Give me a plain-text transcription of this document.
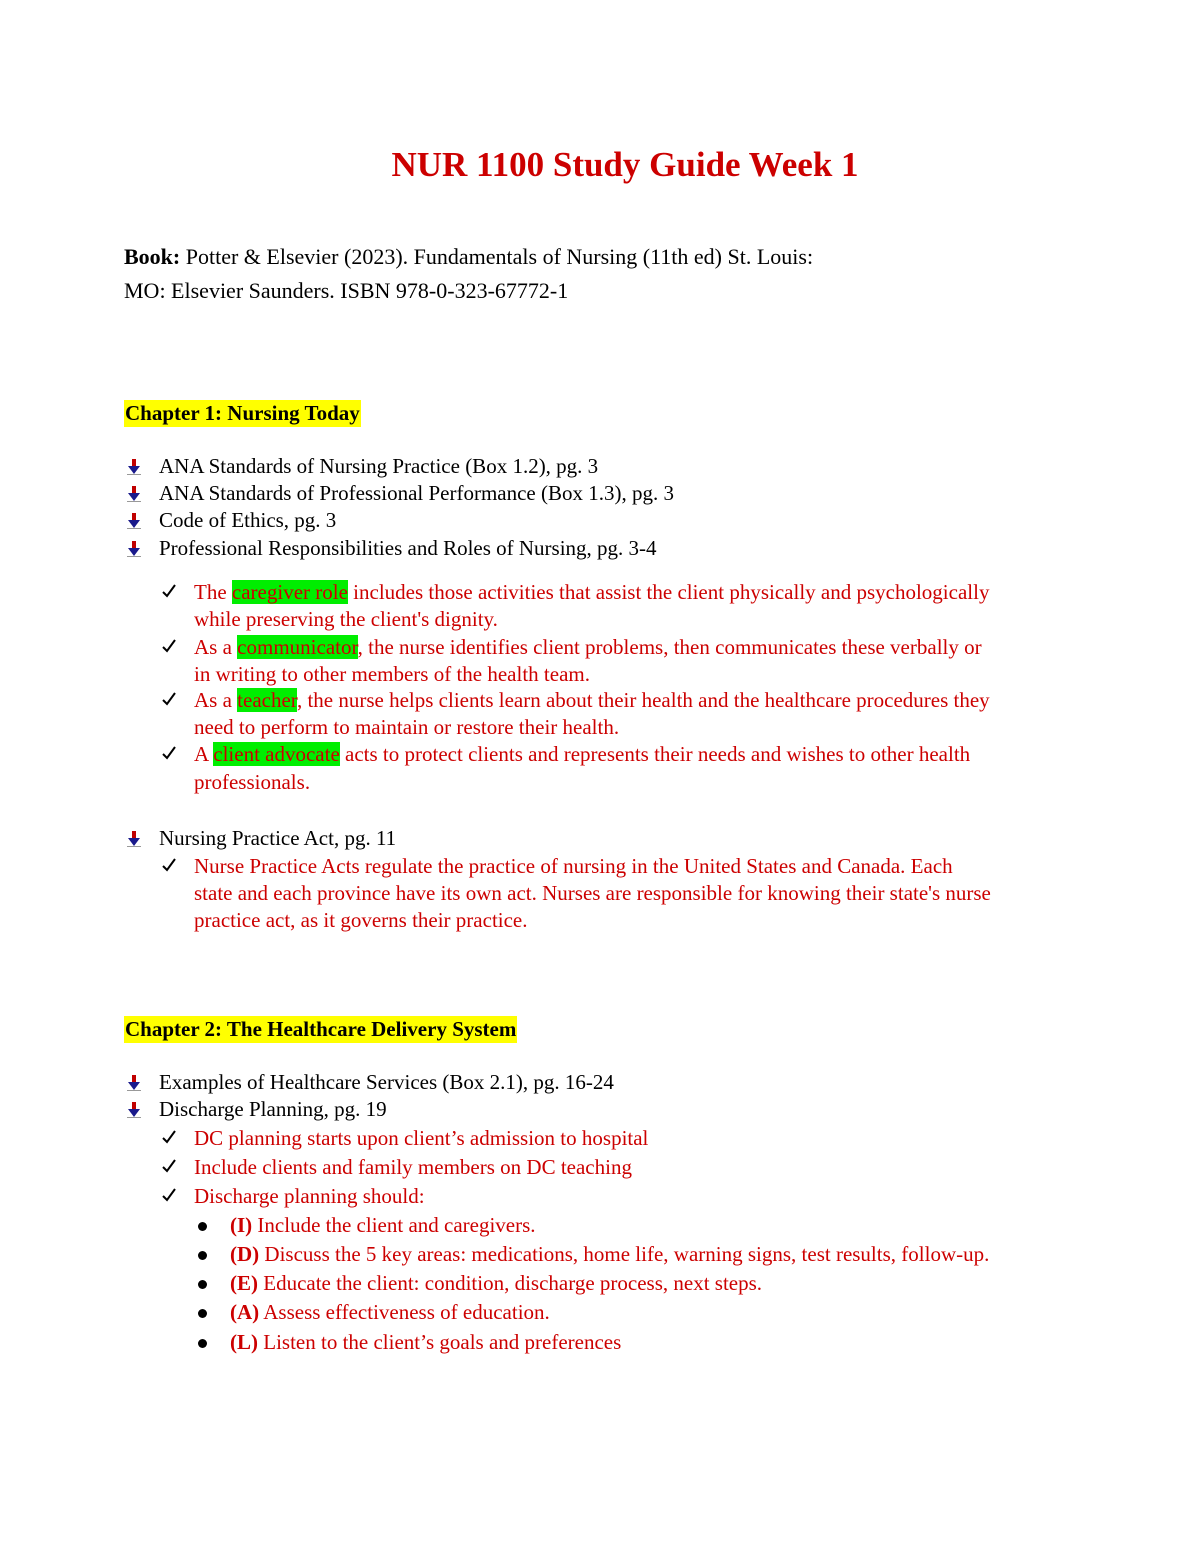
NUR 1100 Study Guide Week 1
Book: Potter & Elsevier (2023). Fundamentals of Nursing (11th ed) St. Louis:
MO: Elsevier Saunders. ISBN 978-0-323-67772-1
Chapter 1: Nursing Today
ANA Standards of Nursing Practice (Box 1.2), pg. 3
ANA Standards of Professional Performance (Box 1.3), pg. 3
Code of Ethics, pg. 3
Professional Responsibilities and Roles of Nursing, pg. 3-4
The caregiver role includes those activities that assist the client physically and psychologically
while preserving the client's dignity.
As a communicator, the nurse identifies client problems, then communicates these verbally or
in writing to other members of the health team.
As a teacher, the nurse helps clients learn about their health and the healthcare procedures they
need to perform to maintain or restore their health.
A client advocate acts to protect clients and represents their needs and wishes to other health
professionals.
Nursing Practice Act, pg. 11
Nurse Practice Acts regulate the practice of nursing in the United States and Canada. Each
state and each province have its own act. Nurses are responsible for knowing their state's nurse
practice act, as it governs their practice.
Chapter 2: The Healthcare Delivery System
Examples of Healthcare Services (Box 2.1), pg. 16-24
Discharge Planning, pg. 19
DC planning starts upon client’s admission to hospital
Include clients and family members on DC teaching
Discharge planning should:
(I) Include the client and caregivers.
(D) Discuss the 5 key areas: medications, home life, warning signs, test results, follow-up.
(E) Educate the client: condition, discharge process, next steps.
(A) Assess effectiveness of education.
(L) Listen to the client’s goals and preferences
